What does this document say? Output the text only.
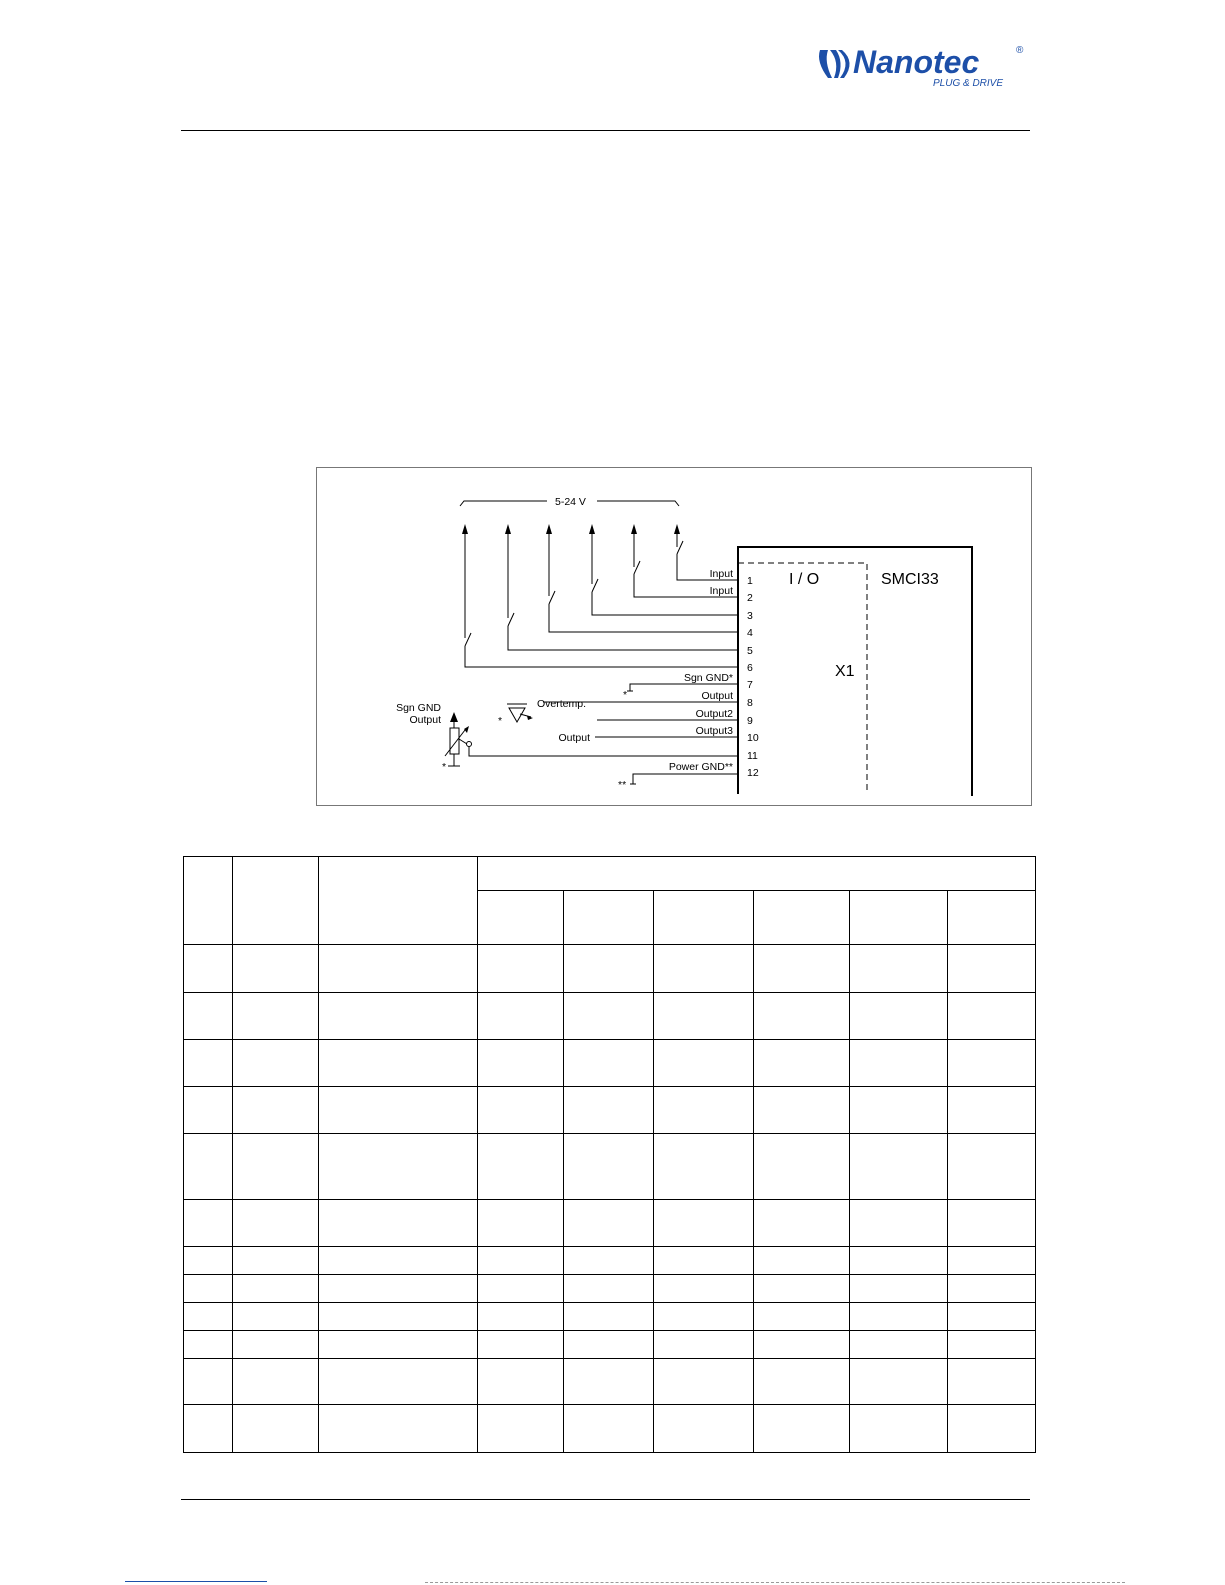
Nanotec	®
PLUG & DRIVE
5-24 V
I / O	SMCI33
X1
Input
Input
Sgn GND*
Output
Output2
Output3
Power GND**
1
2
3
4
5
6
7
8
9
10
11
12
Overtemp.
Output
Sgn GND
Output
*
*
*
**
